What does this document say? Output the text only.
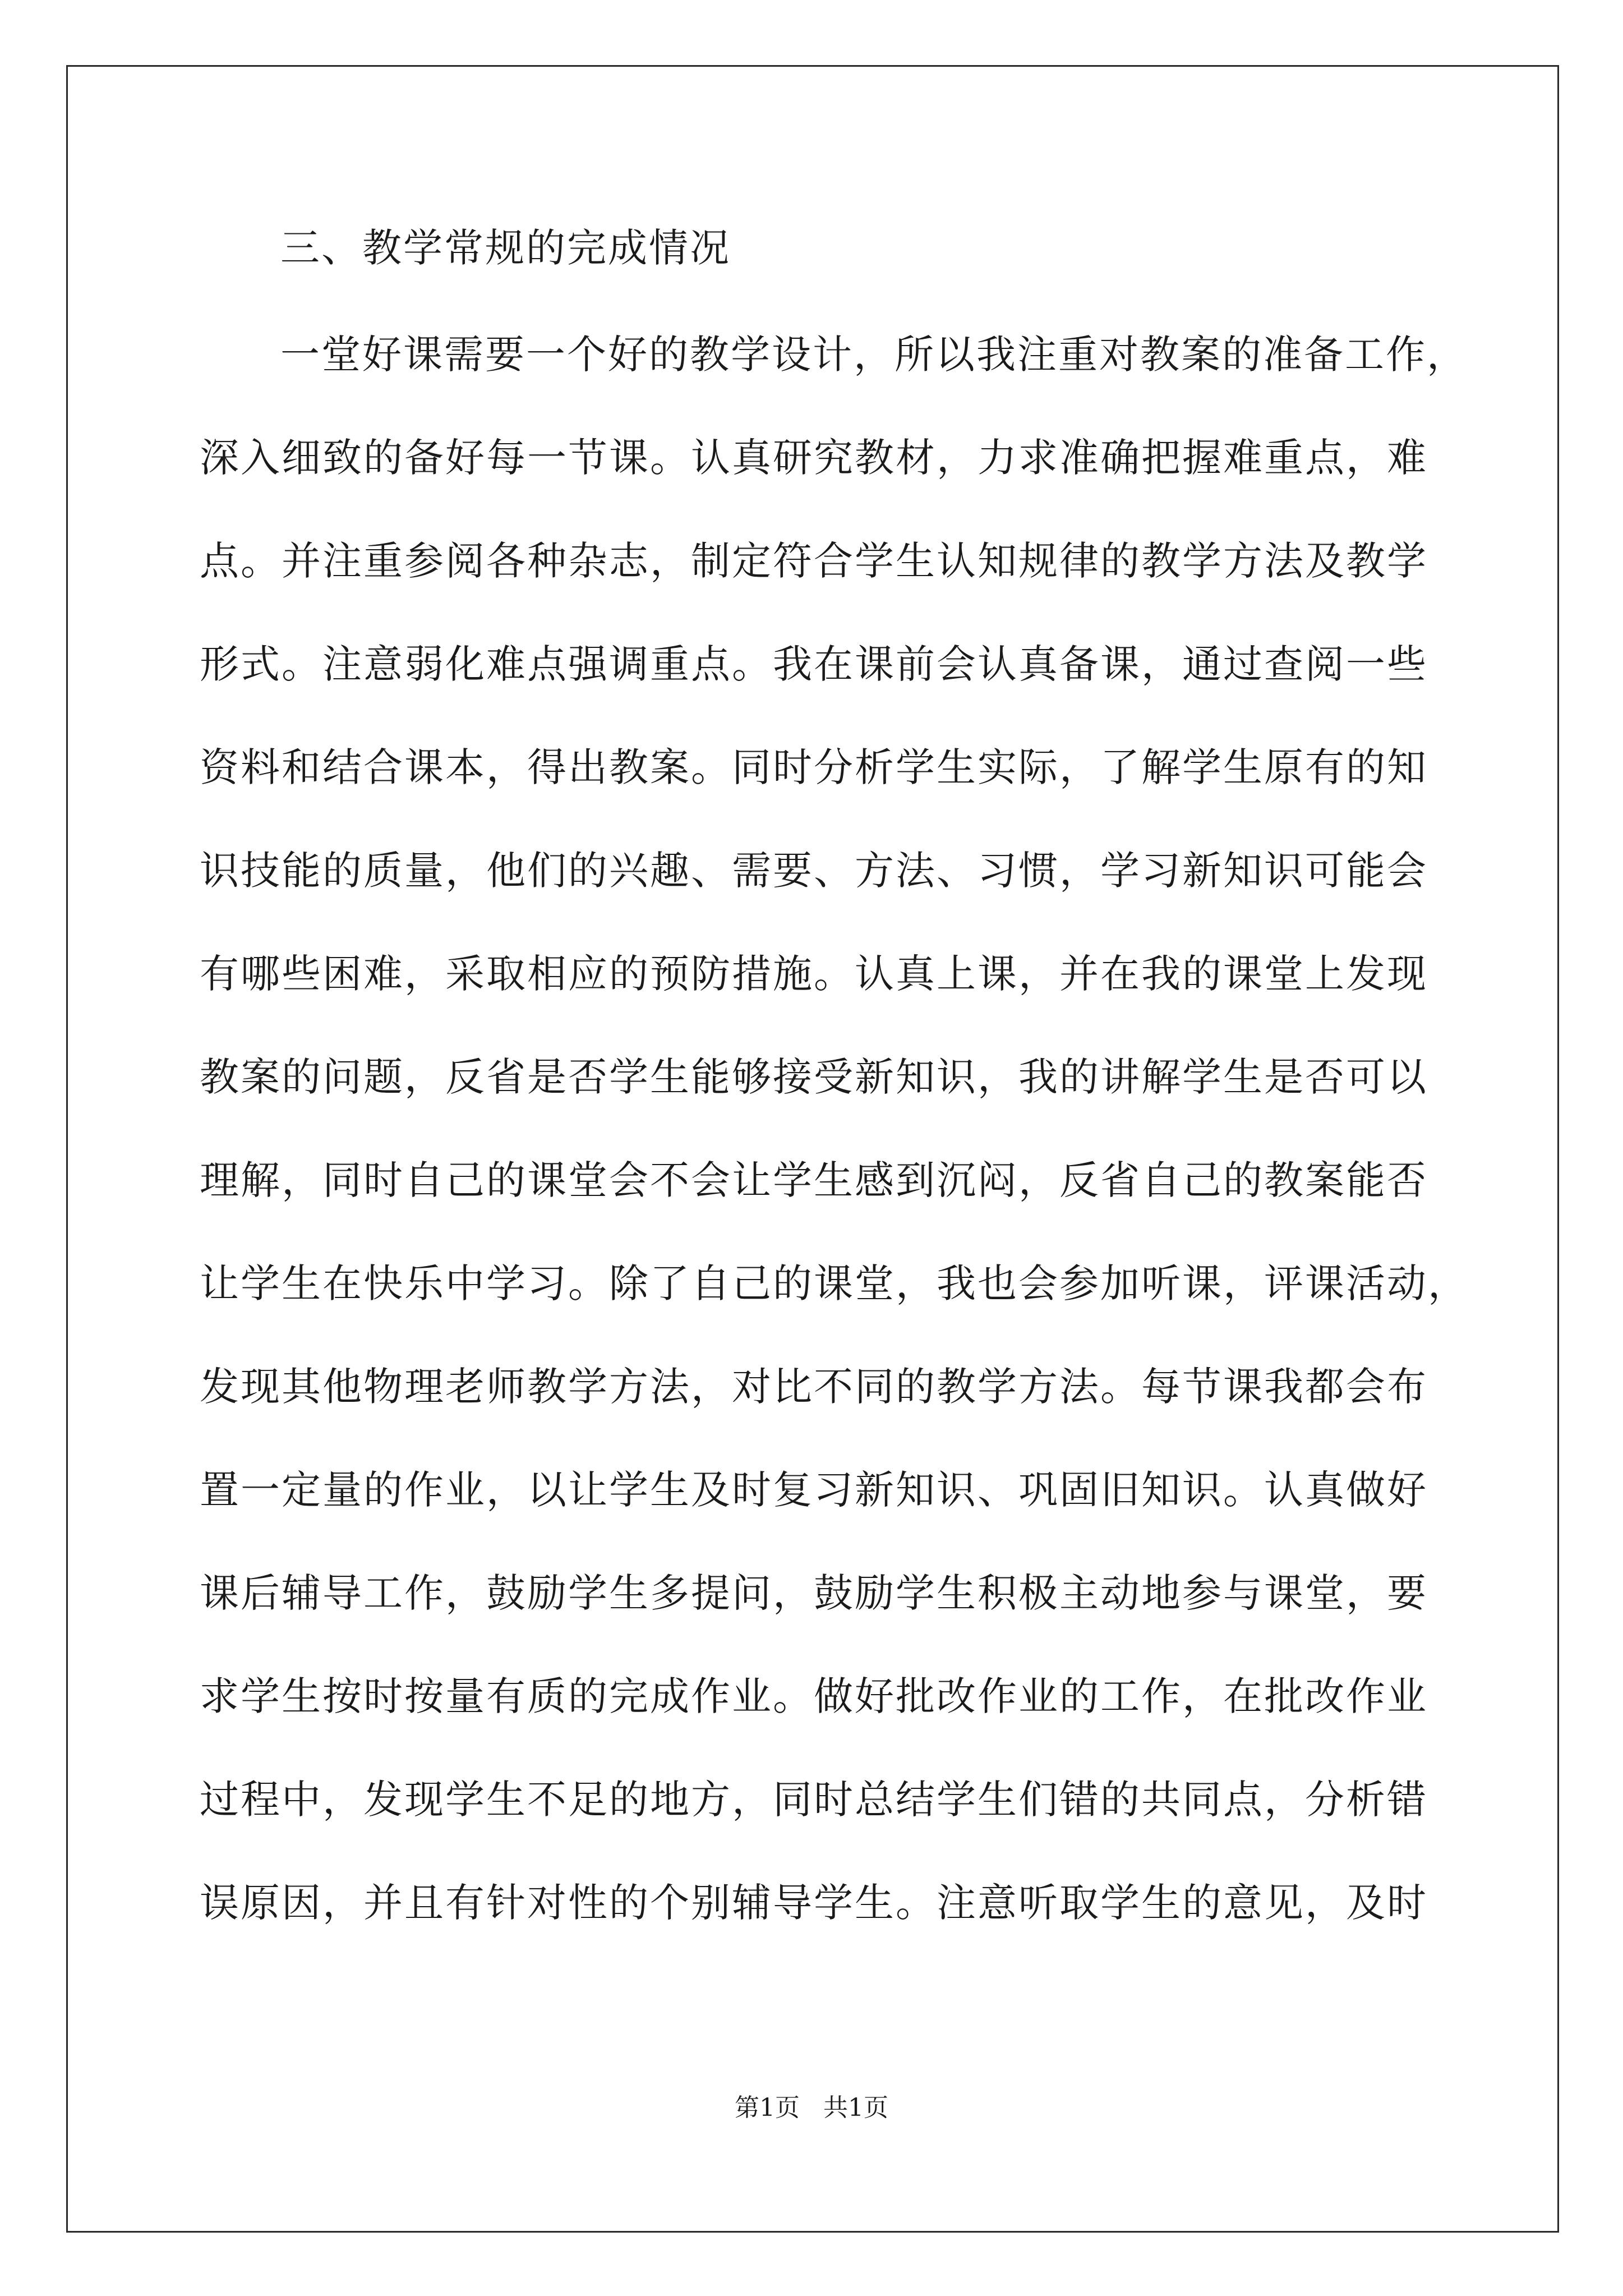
三、教学常规的完成情况
一堂好课需要一个好的教学设计，所以我注重对教案的准备工作，
深入细致的备好每一节课。认真研究教材，力求准确把握难重点，难
点。并注重参阅各种杂志，制定符合学生认知规律的教学方法及教学
形式。注意弱化难点强调重点。我在课前会认真备课，通过查阅一些
资料和结合课本，得出教案。同时分析学生实际，了解学生原有的知
识技能的质量，他们的兴趣、需要、方法、习惯，学习新知识可能会
有哪些困难，采取相应的预防措施。认真上课，并在我的课堂上发现
教案的问题，反省是否学生能够接受新知识，我的讲解学生是否可以
理解，同时自己的课堂会不会让学生感到沉闷，反省自己的教案能否
让学生在快乐中学习。除了自己的课堂，我也会参加听课，评课活动，
发现其他物理老师教学方法，对比不同的教学方法。每节课我都会布
置一定量的作业，以让学生及时复习新知识、巩固旧知识。认真做好
课后辅导工作，鼓励学生多提问，鼓励学生积极主动地参与课堂，要
求学生按时按量有质的完成作业。做好批改作业的工作，在批改作业
过程中，发现学生不足的地方，同时总结学生们错的共同点，分析错
误原因，并且有针对性的个别辅导学生。注意听取学生的意见，及时
第1页   共1页
